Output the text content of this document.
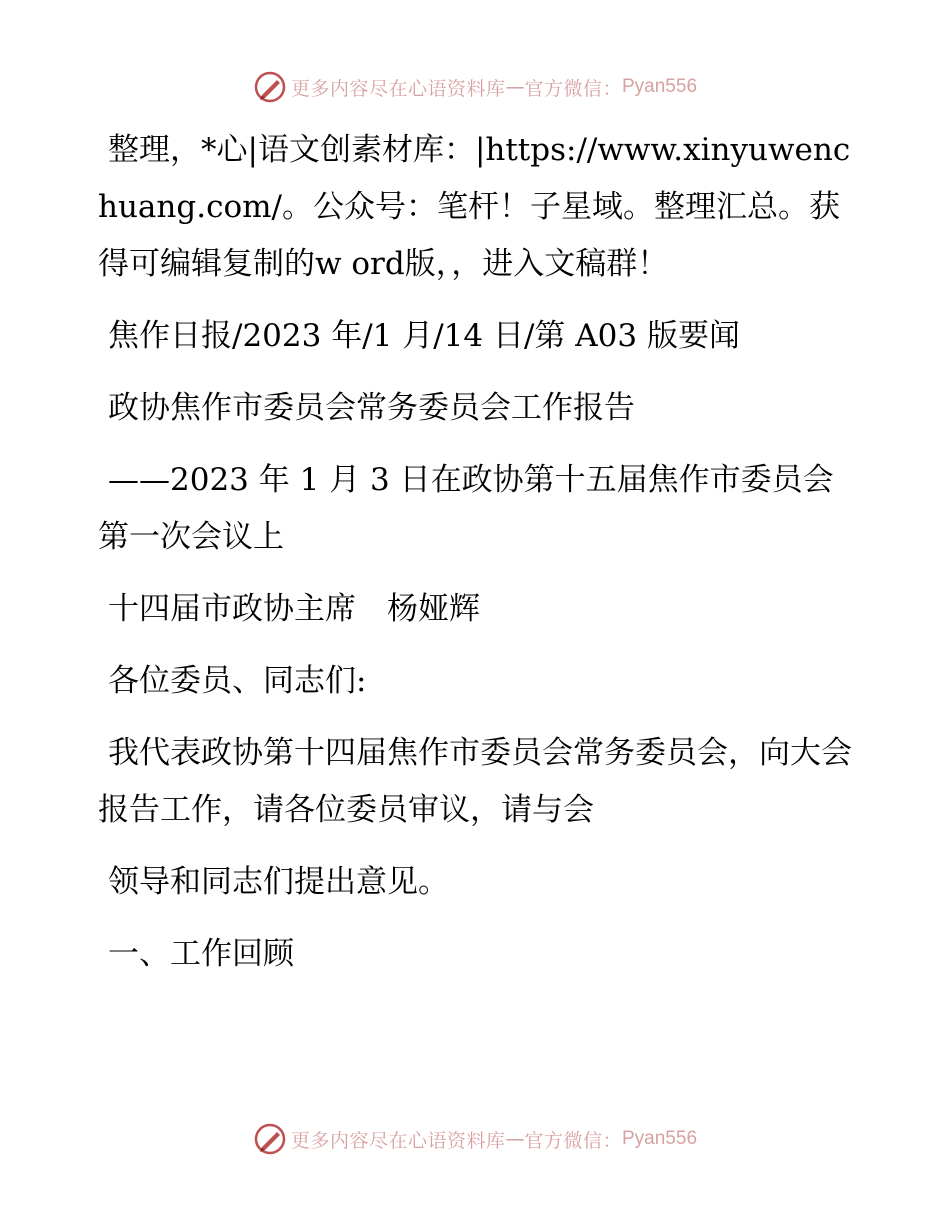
更多内容尽在心语资料库 — 官方微信： Pyan556

整理，*心|语文创素材库：|https://www.xinyuwenchuang.com/。公众号：笔杆！子星域。整理汇总。获得可编辑复制的w ord版，，进入文稿群！

焦作日报/2023 年/1 月/14 日/第 A03 版要闻

政协焦作市委员会常务委员会工作报告

——2023 年 1 月 3 日在政协第十五届焦作市委员会第一次会议上

十四届市政协主席　杨娅辉

各位委员、同志们:

我代表政协第十四届焦作市委员会常务委员会，向大会报告工作，请各位委员审议，请与会

领导和同志们提出意见。

一、工作回顾

更多内容尽在心语资料库 — 官方微信： Pyan556
